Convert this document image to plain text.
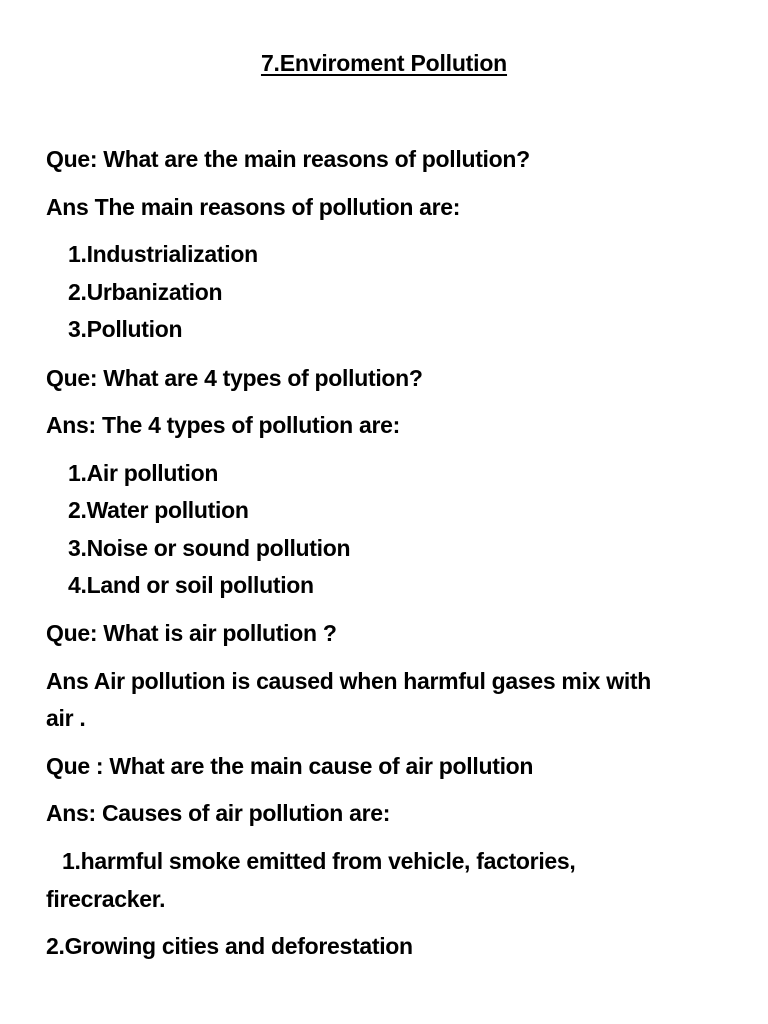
7.Enviroment Pollution
Que: What are the main reasons of pollution?
Ans The main reasons of pollution are:
1.Industrialization
2.Urbanization
3.Pollution
Que: What are 4 types of pollution?
Ans: The 4 types of pollution are:
1.Air pollution
2.Water pollution
3.Noise or sound pollution
4.Land or soil pollution
Que: What is air pollution ?
Ans Air pollution is caused when harmful gases mix with
air .
Que : What are the main cause of air pollution
Ans: Causes of air pollution are:
1.harmful smoke emitted from vehicle, factories,
firecracker.
2.Growing cities and deforestation
